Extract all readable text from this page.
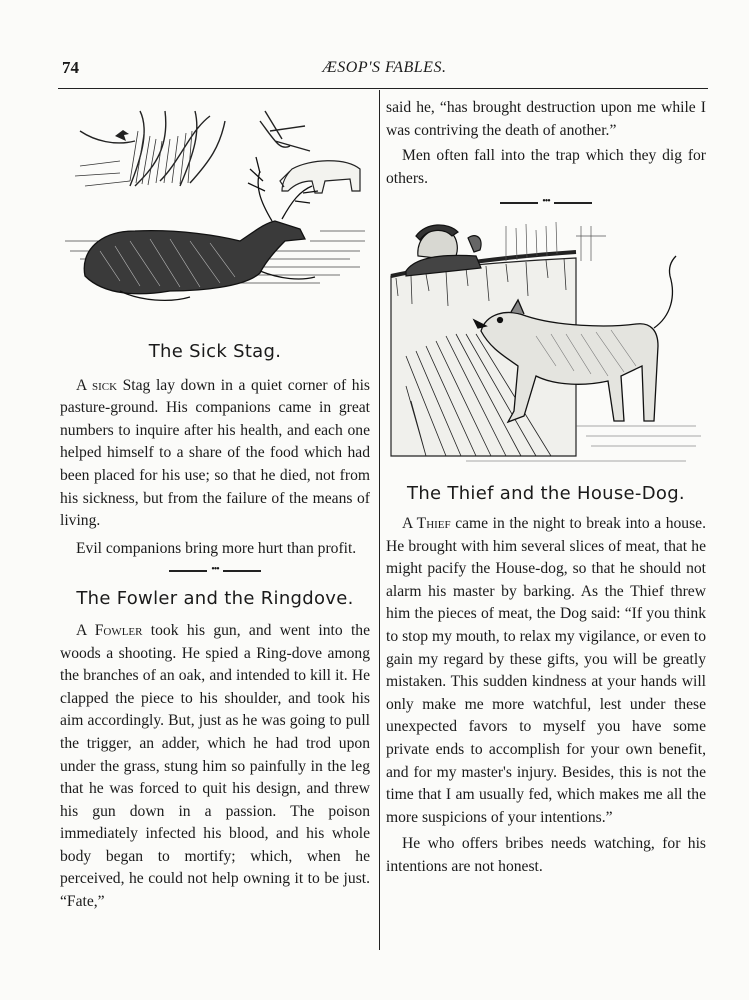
74	ÆSOP'S FABLES.

The Sick Stag.

A sick Stag lay down in a quiet corner of his pasture-ground. His companions came in great numbers to inquire after his health, and each one helped himself to a share of the food which had been placed for his use; so that he died, not from his sickness, but from the failure of the means of living.

Evil companions bring more hurt than profit.

•••

The Fowler and the Ringdove.

A Fowler took his gun, and went into the woods a shooting. He spied a Ring-dove among the branches of an oak, and intended to kill it. He clapped the piece to his shoulder, and took his aim accordingly. But, just as he was going to pull the trigger, an adder, which he had trod upon under the grass, stung him so painfully in the leg that he was forced to quit his design, and threw his gun down in a passion. The poison immediately infected his blood, and his whole body began to mortify; which, when he perceived, he could not help owning it to be just. “Fate,”

said he, “has brought destruction upon me while I was contriving the death of another.”

Men often fall into the trap which they dig for others.

•••

The Thief and the House-Dog.

A Thief came in the night to break into a house. He brought with him several slices of meat, that he might pacify the House-dog, so that he should not alarm his master by barking. As the Thief threw him the pieces of meat, the Dog said: “If you think to stop my mouth, to relax my vigilance, or even to gain my regard by these gifts, you will be greatly mistaken. This sudden kindness at your hands will only make me more watchful, lest under these unexpected favors to myself you have some private ends to accomplish for your own benefit, and for my master's injury. Besides, this is not the time that I am usually fed, which makes me all the more suspicions of your intentions.”

He who offers bribes needs watching, for his intentions are not honest.
